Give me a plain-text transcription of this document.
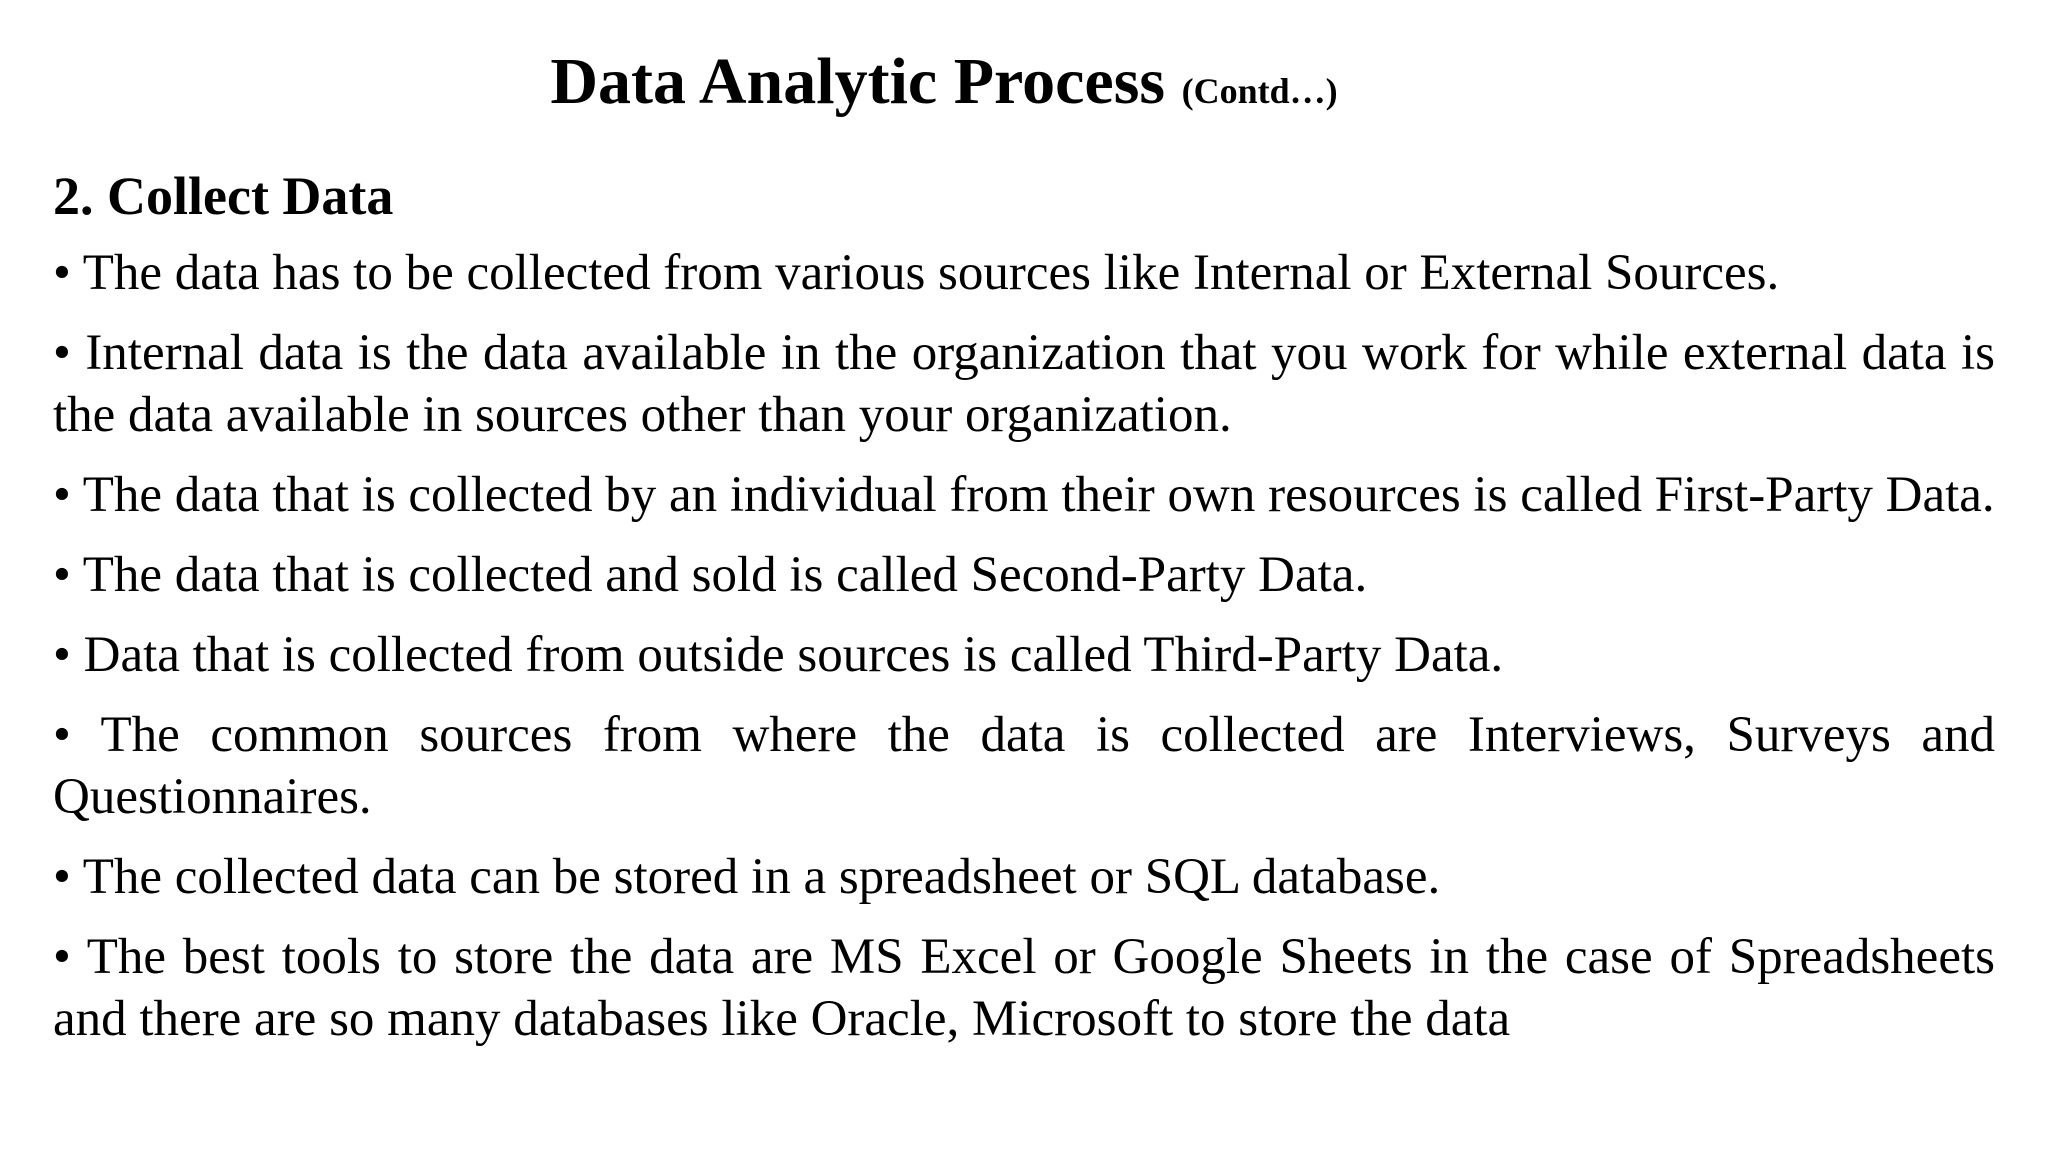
Data Analytic Process (Contd…)
2. Collect Data
• The data has to be collected from various sources like Internal or External Sources.
• Internal data is the data available in the organization that you work for while external data is the data available in sources other than your organization.
• The data that is collected by an individual from their own resources is called First-Party Data.
• The data that is collected and sold is called Second-Party Data.
• Data that is collected from outside sources is called Third-Party Data.
• The common sources from where the data is collected are Interviews, Surveys and Questionnaires.
• The collected data can be stored in a spreadsheet or SQL database.
• The best tools to store the data are MS Excel or Google Sheets in the case of Spreadsheets and there are so many databases like Oracle, Microsoft to store the data
